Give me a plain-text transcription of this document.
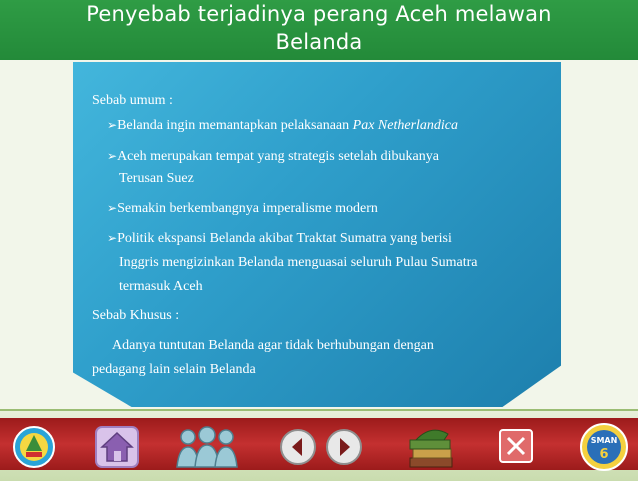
Penyebab terjadinya perang Aceh melawan
Belanda
Sebab umum :
➢Belanda ingin memantapkan pelaksanaan Pax Netherlandica
➢Aceh merupakan tempat yang strategis setelah dibukanya
Terusan Suez
➢Semakin berkembangnya imperalisme modern
➢Politik ekspansi Belanda akibat Traktat Sumatra yang berisi
Inggris mengizinkan Belanda menguasai seluruh Pulau Sumatra
termasuk Aceh
Sebab Khusus :
Adanya tuntutan Belanda agar tidak berhubungan dengan
pedagang lain selain Belanda
SMAN
6
